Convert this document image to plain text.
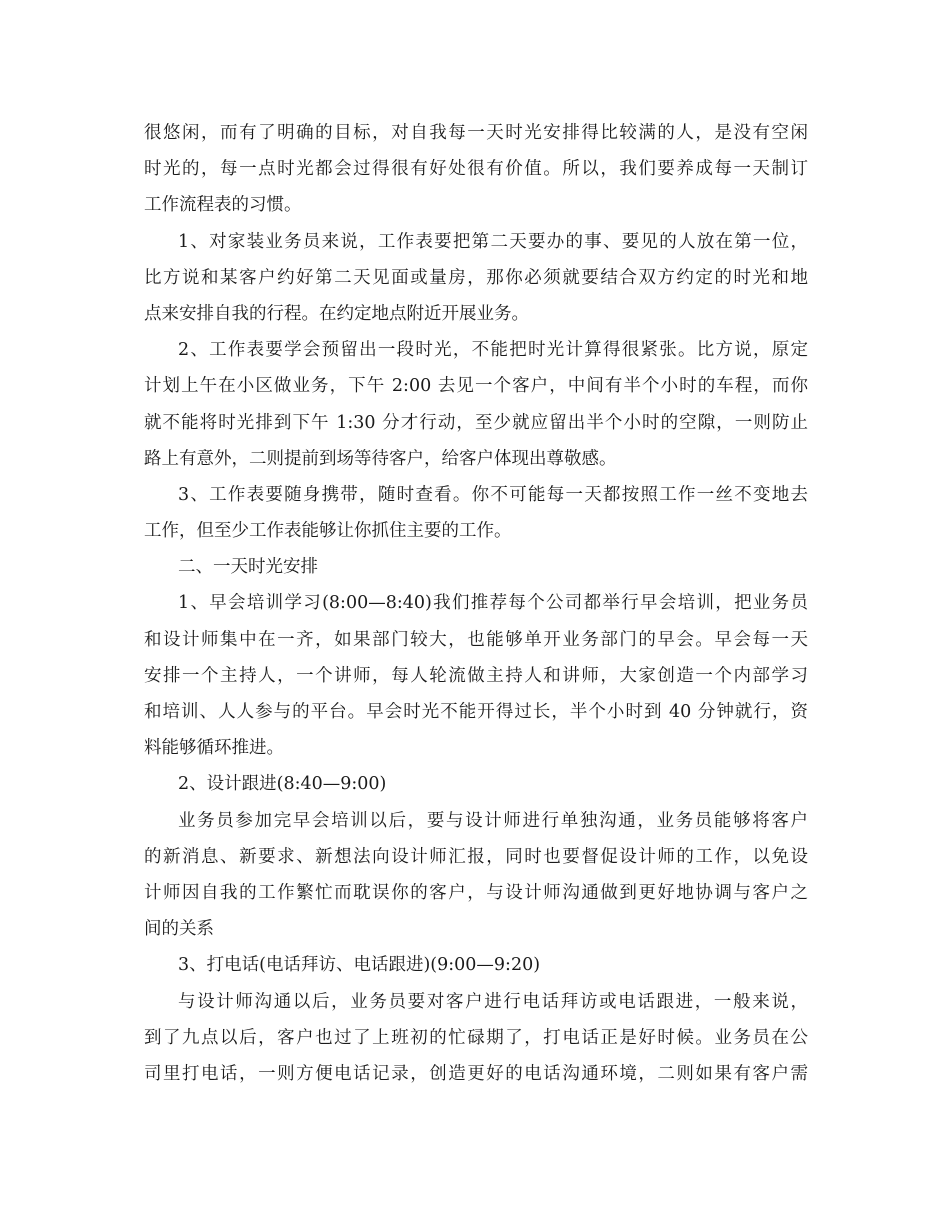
很悠闲，而有了明确的目标，对自我每一天时光安排得比较满的人，是没有空闲
时光的，每一点时光都会过得很有好处很有价值。所以，我们要养成每一天制订
工作流程表的习惯。
1、对家装业务员来说，工作表要把第二天要办的事、要见的人放在第一位，
比方说和某客户约好第二天见面或量房，那你必须就要结合双方约定的时光和地
点来安排自我的行程。在约定地点附近开展业务。
2、工作表要学会预留出一段时光，不能把时光计算得很紧张。比方说，原定
计划上午在小区做业务，下午 2:00 去见一个客户，中间有半个小时的车程，而你
就不能将时光排到下午 1:30 分才行动，至少就应留出半个小时的空隙，一则防止
路上有意外，二则提前到场等待客户，给客户体现出尊敬感。
3、工作表要随身携带，随时查看。你不可能每一天都按照工作一丝不变地去
工作，但至少工作表能够让你抓住主要的工作。
二、一天时光安排
1、早会培训学习(8:00—8:40)我们推荐每个公司都举行早会培训，把业务员
和设计师集中在一齐，如果部门较大，也能够单开业务部门的早会。早会每一天
安排一个主持人，一个讲师，每人轮流做主持人和讲师，大家创造一个内部学习
和培训、人人参与的平台。早会时光不能开得过长，半个小时到 40 分钟就行，资
料能够循环推进。
2、设计跟进(8:40—9:00)
业务员参加完早会培训以后，要与设计师进行单独沟通，业务员能够将客户
的新消息、新要求、新想法向设计师汇报，同时也要督促设计师的工作，以免设
计师因自我的工作繁忙而耽误你的客户，与设计师沟通做到更好地协调与客户之
间的关系
3、打电话(电话拜访、电话跟进)(9:00—9:20)
与设计师沟通以后，业务员要对客户进行电话拜访或电话跟进，一般来说，
到了九点以后，客户也过了上班初的忙碌期了，打电话正是好时候。业务员在公
司里打电话，一则方便电话记录，创造更好的电话沟通环境，二则如果有客户需
